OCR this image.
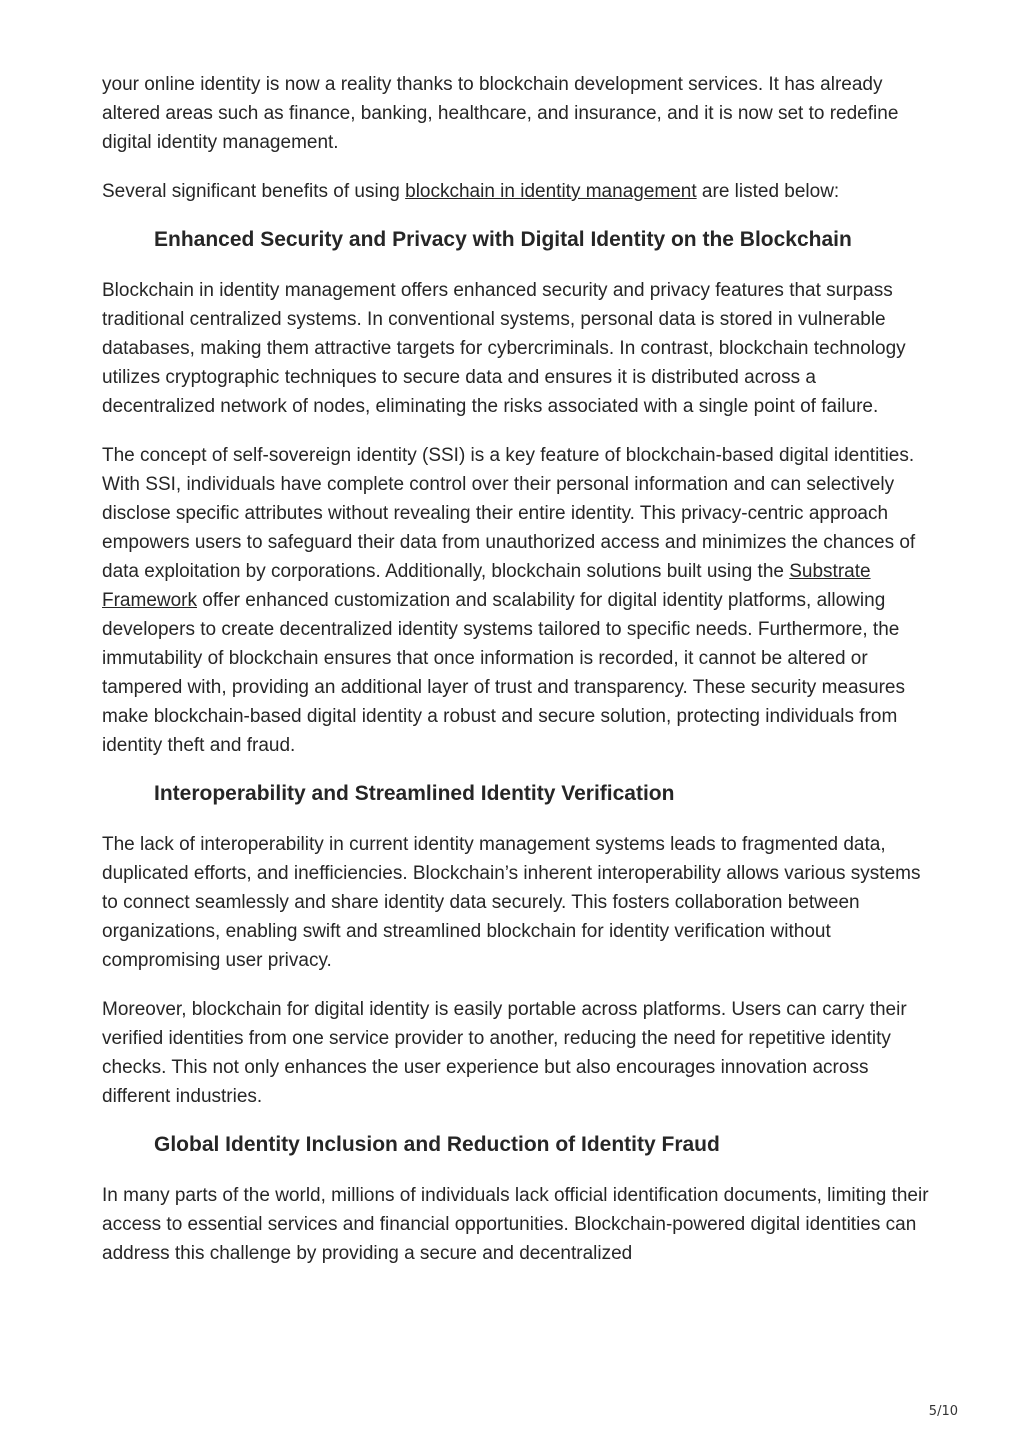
your online identity is now a reality thanks to blockchain development services. It has already altered areas such as finance, banking, healthcare, and insurance, and it is now set to redefine digital identity management.

Several significant benefits of using blockchain in identity management are listed below:

Enhanced Security and Privacy with Digital Identity on the Blockchain

Blockchain in identity management offers enhanced security and privacy features that surpass traditional centralized systems. In conventional systems, personal data is stored in vulnerable databases, making them attractive targets for cybercriminals. In contrast, blockchain technology utilizes cryptographic techniques to secure data and ensures it is distributed across a decentralized network of nodes, eliminating the risks associated with a single point of failure.

The concept of self-sovereign identity (SSI) is a key feature of blockchain-based digital identities. With SSI, individuals have complete control over their personal information and can selectively disclose specific attributes without revealing their entire identity. This privacy-centric approach empowers users to safeguard their data from unauthorized access and minimizes the chances of data exploitation by corporations. Additionally, blockchain solutions built using the Substrate Framework offer enhanced customization and scalability for digital identity platforms, allowing developers to create decentralized identity systems tailored to specific needs. Furthermore, the immutability of blockchain ensures that once information is recorded, it cannot be altered or tampered with, providing an additional layer of trust and transparency. These security measures make blockchain-based digital identity a robust and secure solution, protecting individuals from identity theft and fraud.

Interoperability and Streamlined Identity Verification

The lack of interoperability in current identity management systems leads to fragmented data, duplicated efforts, and inefficiencies. Blockchain’s inherent interoperability allows various systems to connect seamlessly and share identity data securely. This fosters collaboration between organizations, enabling swift and streamlined blockchain for identity verification without compromising user privacy.

Moreover, blockchain for digital identity is easily portable across platforms. Users can carry their verified identities from one service provider to another, reducing the need for repetitive identity checks. This not only enhances the user experience but also encourages innovation across different industries.

Global Identity Inclusion and Reduction of Identity Fraud

In many parts of the world, millions of individuals lack official identification documents, limiting their access to essential services and financial opportunities. Blockchain-powered digital identities can address this challenge by providing a secure and decentralized

5/10
